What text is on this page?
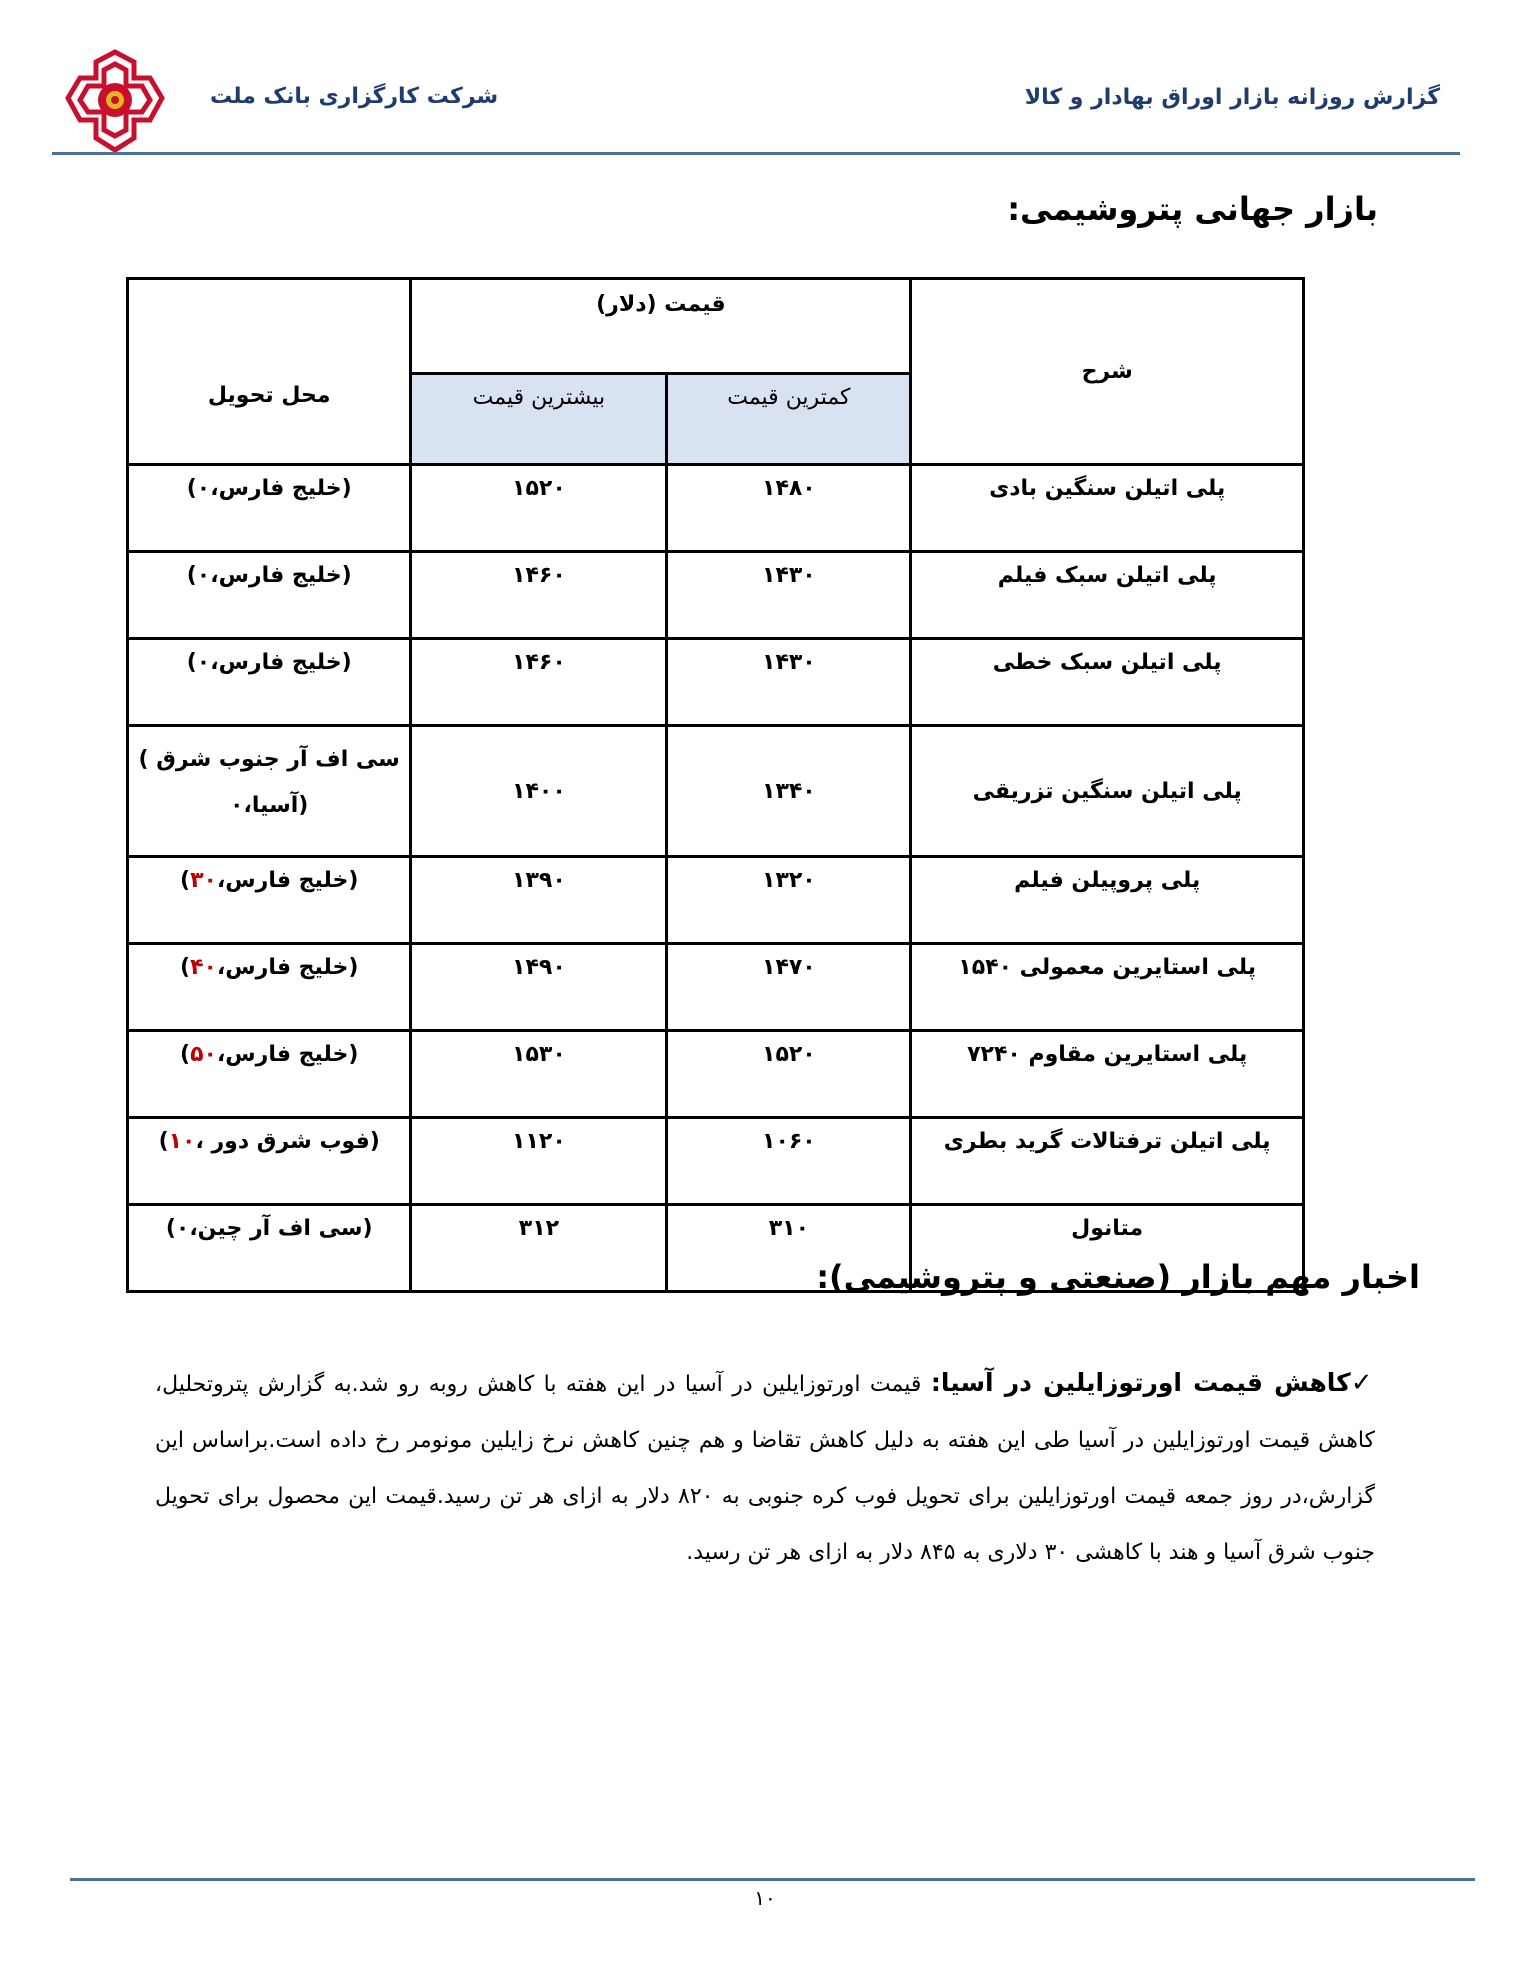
شرکت کارگزاری بانک ملت	گزارش روزانه بازار اوراق بهادار و کالا
بازار جهانی پتروشیمی:
شرح	قیمت (دلار)		محل تحویل
	کمترین قیمت	بیشترین قیمت	
پلی اتیلن سنگین بادی	۱۴۸۰	۱۵۲۰	(خلیج فارس،۰)
پلی اتیلن سبک فیلم	۱۴۳۰	۱۴۶۰	(خلیج فارس،۰)
پلی اتیلن سبک خطی	۱۴۳۰	۱۴۶۰	(خلیج فارس،۰)
پلی اتیلن سنگین تزریقی	۱۳۴۰	۱۴۰۰	سی اف آر جنوب شرق )
(آسیا،۰

پلی پروپیلن فیلم	۱۳۲۰	۱۳۹۰	(خلیج فارس،۳۰)
پلی استایرین معمولی ۱۵۴۰	۱۴۷۰	۱۴۹۰	(خلیج فارس،۴۰)
پلی استایرین مقاوم ۷۲۴۰	۱۵۲۰	۱۵۳۰	(خلیج فارس،۵۰)
پلی اتیلن ترفتالات گرید بطری	۱۰۶۰	۱۱۲۰	(فوب شرق دور ،۱۰)
متانول	۳۱۰	۳۱۲	(سی اف آر چین،۰)
اخبار مهم بازار (صنعتی و پتروشیمی):
✓کاهش قیمت اورتوزایلین در آسیا: قیمت اورتوزایلین در آسیا در این هفته با کاهش روبه رو شد.به گزارش پتروتحلیل، کاهش قیمت اورتوزایلین در آسیا طی این هفته به دلیل کاهش تقاضا و هم چنین کاهش نرخ زایلین مونومر رخ داده است.براساس این گزارش،در روز جمعه قیمت اورتوزایلین برای تحویل فوب کره جنوبی به ۸۲۰ دلار به ازای هر تن رسید.قیمت این محصول برای تحویل جنوب شرق آسیا و هند با کاهشی ۳۰ دلاری به ۸۴۵ دلار به ازای هر تن رسید.
۱۰
